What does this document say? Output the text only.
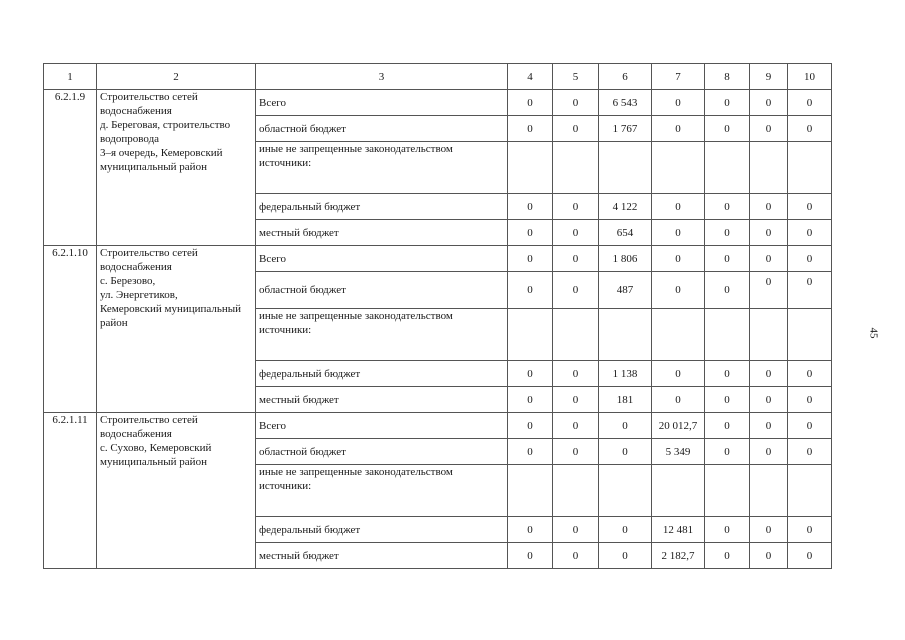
1	2	3	4	5	6	7	8	9	10
6.2.1.9	Строительство сетей водоснабжения
д. Береговая, строительство водопровода
3–я очередь, Кемеровский муниципальный район	Всего	0	0	6 543	0	0	0	0
		областной бюджет	0	0	1 767	0	0	0	0
		иные не запрещенные законодательством источники:							
		федеральный бюджет	0	0	4 122	0	0	0	0
		местный бюджет	0	0	654	0	0	0	0
6.2.1.10	Строительство сетей водоснабжения
с. Березово,
ул. Энергетиков,
Кемеровский муниципальный район	Всего	0	0	1 806	0	0	0	0
		областной бюджет	0	0	487	0	0	0	0
		иные не запрещенные законодательством источники:							
		федеральный бюджет	0	0	1 138	0	0	0	0
		местный бюджет	0	0	181	0	0	0	0
6.2.1.11	Строительство сетей водоснабжения
с. Сухово, Кемеровский муниципальный район	Всего	0	0	0	20 012,7	0	0	0
		областной бюджет	0	0	0	5 349	0	0	0
		иные не запрещенные законодательством источники:							
		федеральный бюджет	0	0	0	12 481	0	0	0
		местный бюджет	0	0	0	2 182,7	0	0	0
45
